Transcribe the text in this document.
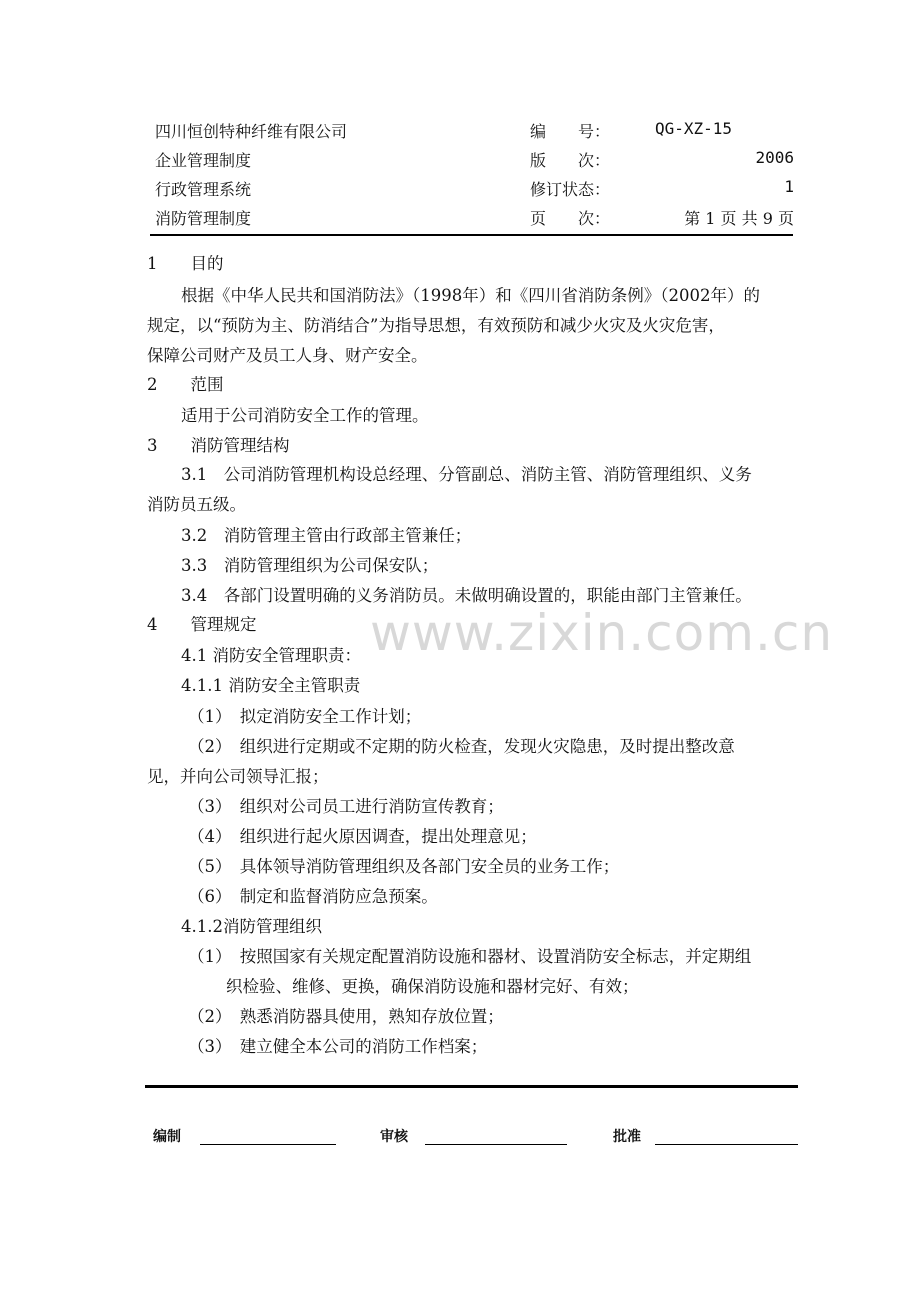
四川恒创特种纤维有限公司
企业管理制度
行政管理系统
消防管理制度
编　　号：
版　　次：
修订状态：
页　　次：
QG-XZ-15
2006
1
第 1 页 共 9 页
www.zixin.com.cn
1　　目的
根据《中华人民共和国消防法》（1998年）和《四川省消防条例》（2002年）的
规定，以“预防为主、防消结合”为指导思想，有效预防和减少火灾及火灾危害，
保障公司财产及员工人身、财产安全。
2　　范围
适用于公司消防安全工作的管理。
3　　消防管理结构
3.1　公司消防管理机构设总经理、分管副总、消防主管、消防管理组织、义务
消防员五级。
3.2　消防管理主管由行政部主管兼任；
3.3　消防管理组织为公司保安队；
3.4　各部门设置明确的义务消防员。未做明确设置的，职能由部门主管兼任。
4　　管理规定
4.1 消防安全管理职责：
4.1.1 消防安全主管职责
（1）　拟定消防安全工作计划；
（2）　组织进行定期或不定期的防火检查，发现火灾隐患，及时提出整改意
见，并向公司领导汇报；
（3）　组织对公司员工进行消防宣传教育；
（4）　组织进行起火原因调查，提出处理意见；
（5）　具体领导消防管理组织及各部门安全员的业务工作；
（6）　制定和监督消防应急预案。
4.1.2消防管理组织
（1）　按照国家有关规定配置消防设施和器材、设置消防安全标志，并定期组
织检验、维修、更换，确保消防设施和器材完好、有效；
（2）　熟悉消防器具使用，熟知存放位置；
（3）　建立健全本公司的消防工作档案；
编制	审核	批准
